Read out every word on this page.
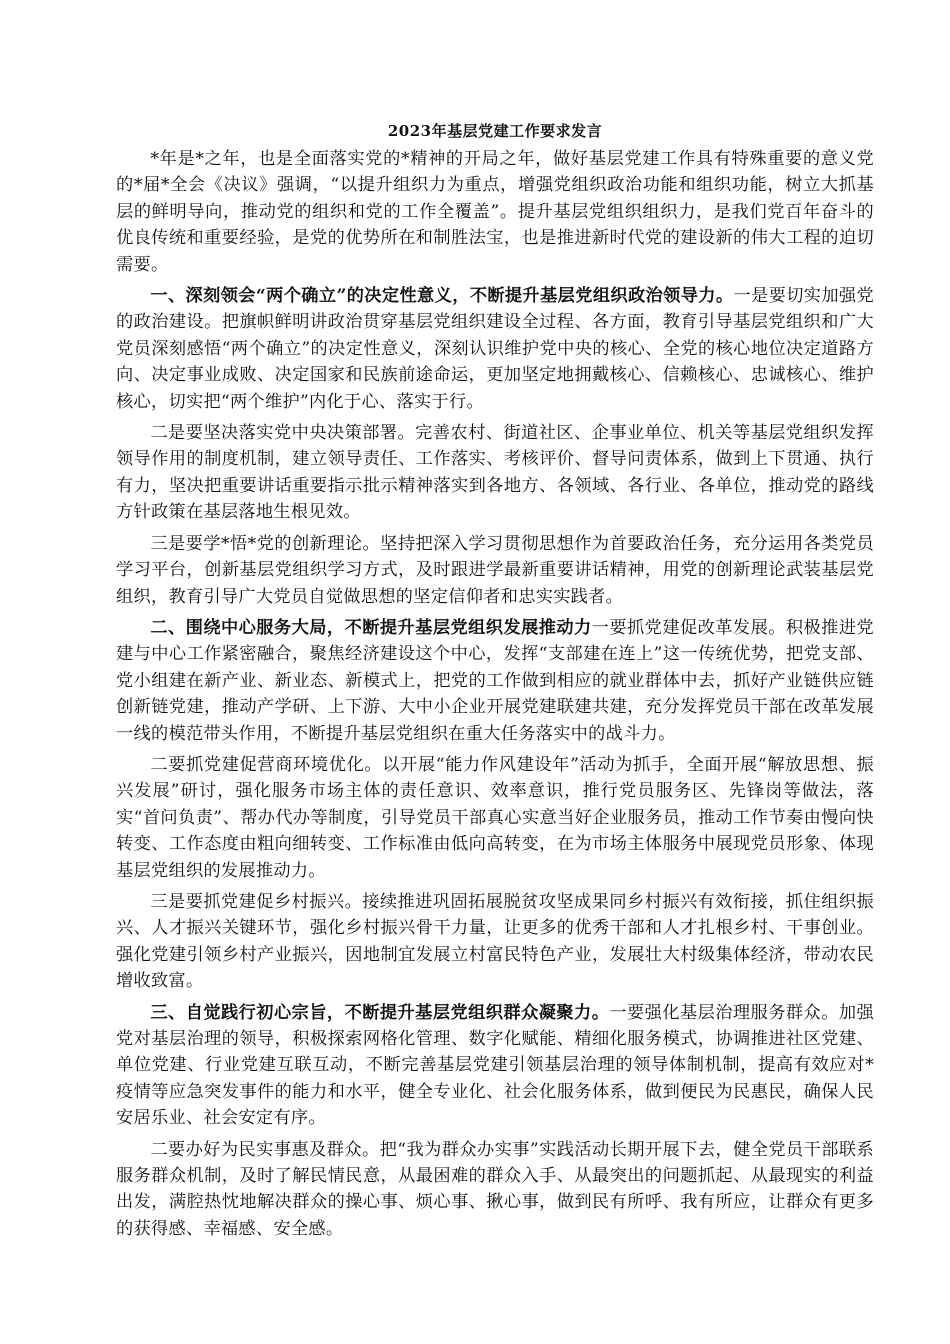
2023年基层党建工作要求发言

*年是*之年，也是全面落实党的*精神的开局之年，做好基层党建工作具有特殊重要的意义党的*届*全会《决议》强调，“以提升组织力为重点，增强党组织政治功能和组织功能，树立大抓基层的鲜明导向，推动党的组织和党的工作全覆盖”。提升基层党组织组织力，是我们党百年奋斗的优良传统和重要经验，是党的优势所在和制胜法宝，也是推进新时代党的建设新的伟大工程的迫切需要。

一、深刻领会“两个确立”的决定性意义，不断提升基层党组织政治领导力。一是要切实加强党的政治建设。把旗帜鲜明讲政治贯穿基层党组织建设全过程、各方面，教育引导基层党组织和广大党员深刻感悟“两个确立”的决定性意义，深刻认识维护党中央的核心、全党的核心地位决定道路方向、决定事业成败、决定国家和民族前途命运，更加坚定地拥戴核心、信赖核心、忠诚核心、维护核心，切实把“两个维护”内化于心、落实于行。

二是要坚决落实党中央决策部署。完善农村、街道社区、企事业单位、机关等基层党组织发挥领导作用的制度机制，建立领导责任、工作落实、考核评价、督导问责体系，做到上下贯通、执行有力，坚决把重要讲话重要指示批示精神落实到各地方、各领域、各行业、各单位，推动党的路线方针政策在基层落地生根见效。

三是要学*悟*党的创新理论。坚持把深入学习贯彻思想作为首要政治任务，充分运用各类党员学习平台，创新基层党组织学习方式，及时跟进学最新重要讲话精神，用党的创新理论武装基层党组织，教育引导广大党员自觉做思想的坚定信仰者和忠实实践者。

二、围绕中心服务大局，不断提升基层党组织发展推动力一要抓党建促改革发展。积极推进党建与中心工作紧密融合，聚焦经济建设这个中心，发挥“支部建在连上”这一传统优势，把党支部、党小组建在新产业、新业态、新模式上，把党的工作做到相应的就业群体中去，抓好产业链供应链创新链党建，推动产学研、上下游、大中小企业开展党建联建共建，充分发挥党员干部在改革发展一线的模范带头作用，不断提升基层党组织在重大任务落实中的战斗力。

二要抓党建促营商环境优化。以开展“能力作风建设年”活动为抓手，全面开展“解放思想、振兴发展”研讨，强化服务市场主体的责任意识、效率意识，推行党员服务区、先锋岗等做法，落实“首问负责”、帮办代办等制度，引导党员干部真心实意当好企业服务员，推动工作节奏由慢向快转变、工作态度由粗向细转变、工作标准由低向高转变，在为市场主体服务中展现党员形象、体现基层党组织的发展推动力。

三是要抓党建促乡村振兴。接续推进巩固拓展脱贫攻坚成果同乡村振兴有效衔接，抓住组织振兴、人才振兴关键环节，强化乡村振兴骨干力量，让更多的优秀干部和人才扎根乡村、干事创业。强化党建引领乡村产业振兴，因地制宜发展立村富民特色产业，发展壮大村级集体经济，带动农民增收致富。

三、自觉践行初心宗旨，不断提升基层党组织群众凝聚力。一要强化基层治理服务群众。加强党对基层治理的领导，积极探索网格化管理、数字化赋能、精细化服务模式，协调推进社区党建、单位党建、行业党建互联互动，不断完善基层党建引领基层治理的领导体制机制，提高有效应对*疫情等应急突发事件的能力和水平，健全专业化、社会化服务体系，做到便民为民惠民，确保人民安居乐业、社会安定有序。

二要办好为民实事惠及群众。把“我为群众办实事”实践活动长期开展下去，健全党员干部联系服务群众机制，及时了解民情民意，从最困难的群众入手、从最突出的问题抓起、从最现实的利益出发，满腔热忱地解决群众的操心事、烦心事、揪心事，做到民有所呼、我有所应，让群众有更多的获得感、幸福感、安全感。
